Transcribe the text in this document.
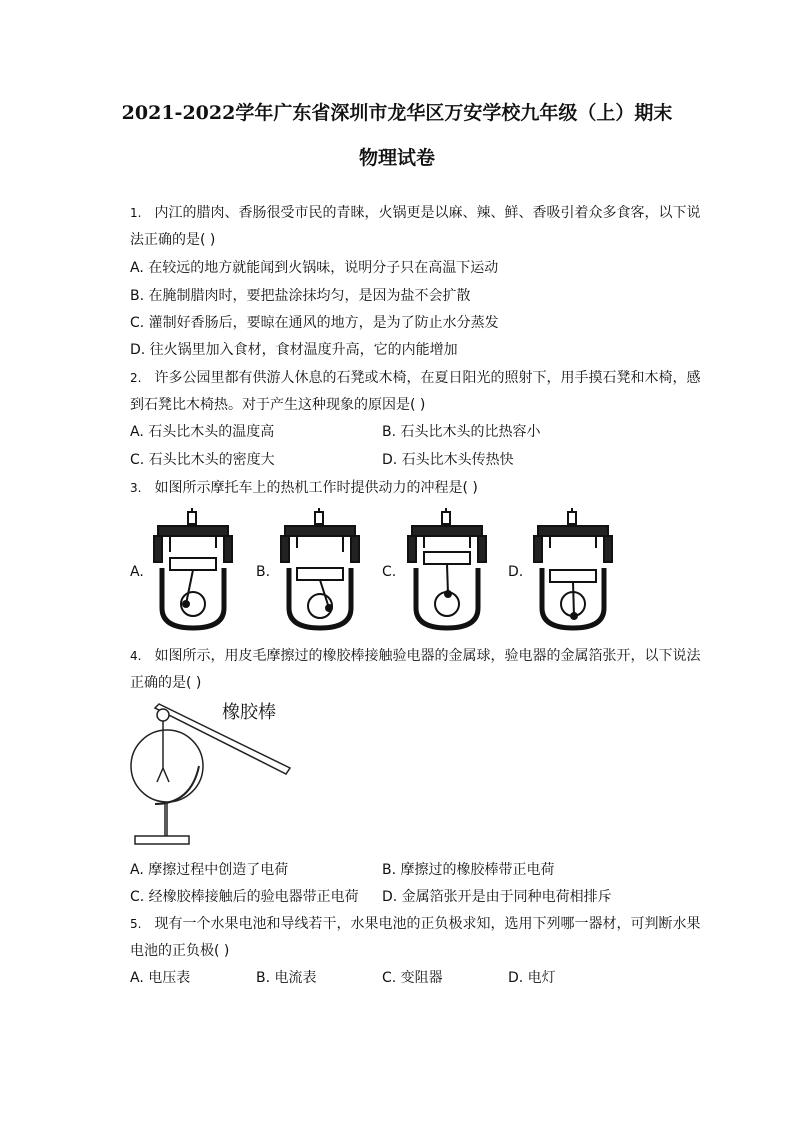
2021-2022学年广东省深圳市龙华区万安学校九年级（上）期末
物理试卷
1. 内江的腊肉、香肠很受市民的青睐，火锅更是以麻、辣、鲜、香吸引着众多食客，以下说
法正确的是( )
A. 在较远的地方就能闻到火锅味，说明分子只在高温下运动
B. 在腌制腊肉时，要把盐涂抹均匀，是因为盐不会扩散
C. 灌制好香肠后，要晾在通风的地方，是为了防止水分蒸发
D. 往火锅里加入食材，食材温度升高，它的内能增加
2. 许多公园里都有供游人休息的石凳或木椅，在夏日阳光的照射下，用手摸石凳和木椅，感
到石凳比木椅热。对于产生这种现象的原因是( )
A. 石头比木头的温度高	B. 石头比木头的比热容小
C. 石头比木头的密度大	D. 石头比木头传热快
3. 如图所示摩托车上的热机工作时提供动力的冲程是( )
A.	B.	C.	D.
4. 如图所示，用皮毛摩擦过的橡胶棒接触验电器的金属球，验电器的金属箔张开，以下说法
正确的是( )
橡胶棒
A. 摩擦过程中创造了电荷	B. 摩擦过的橡胶棒带正电荷
C. 经橡胶棒接触后的验电器带正电荷 D. 金属箔张开是由于同种电荷相排斥
5. 现有一个水果电池和导线若干，水果电池的正负极求知，选用下列哪一器材，可判断水果
电池的正负极( )
A. 电压表	B. 电流表	C. 变阻器	D. 电灯
